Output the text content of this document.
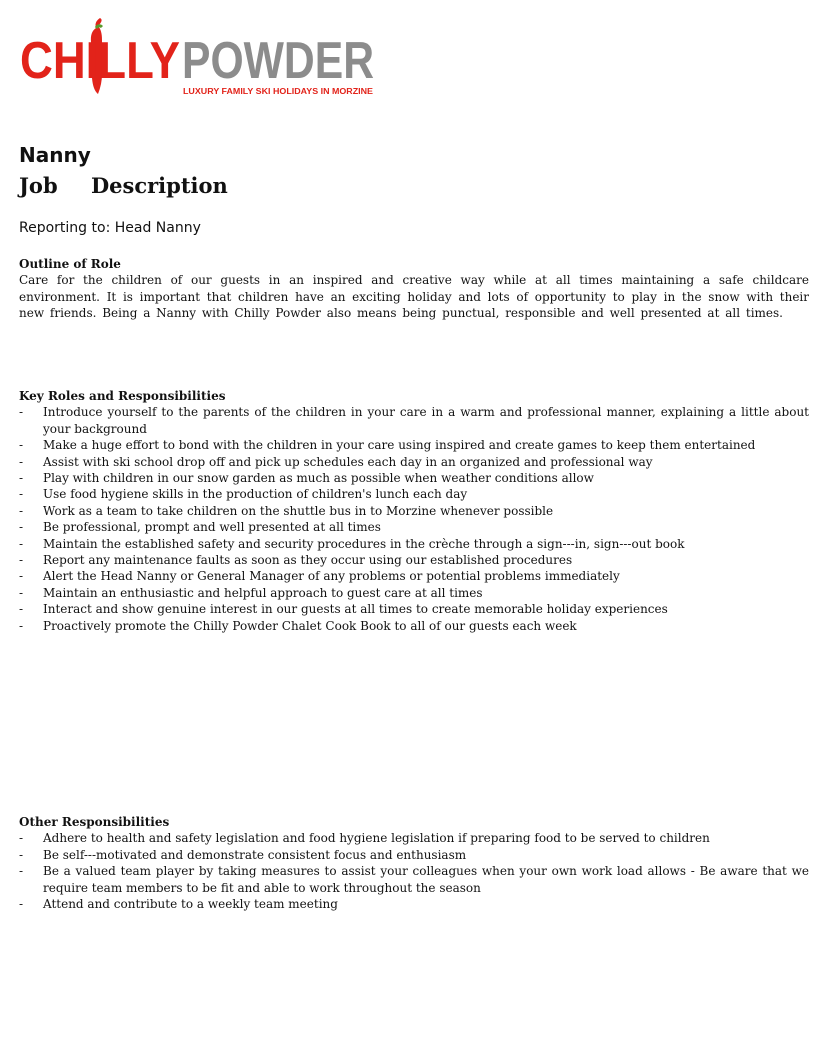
CHILLY POWDER
LUXURY FAMILY SKI HOLIDAYS IN MORZINE
Nanny
Job Description

Reporting to: Head Nanny

Outline of Role

Care for the children of our guests in an inspired and creative way while at all times maintaining a safe childcare environment. It is important that children have an exciting holiday and lots of opportunity to play in the snow with their new friends. Being a Nanny with Chilly Powder also means being punctual, responsible and well presented at all times.

Key Roles and Responsibilities

- Introduce yourself to the parents of the children in your care in a warm and professional manner, explaining a little about your background
- Make a huge effort to bond with the children in your care using inspired and create games to keep them entertained
- Assist with ski school drop off and pick up schedules each day in an organized and professional way
- Play with children in our snow garden as much as possible when weather conditions allow
- Use food hygiene skills in the production of children's lunch each day
- Work as a team to take children on the shuttle bus in to Morzine whenever possible
- Be professional, prompt and well presented at all times
- Maintain the established safety and security procedures in the crèche through a sign---in, sign---out book
- Report any maintenance faults as soon as they occur using our established procedures
- Alert the Head Nanny or General Manager of any problems or potential problems immediately
- Maintain an enthusiastic and helpful approach to guest care at all times
- Interact and show genuine interest in our guests at all times to create memorable holiday experiences
- Proactively promote the Chilly Powder Chalet Cook Book to all of our guests each week

Other Responsibilities

- Adhere to health and safety legislation and food hygiene legislation if preparing food to be served to children
- Be self---motivated and demonstrate consistent focus and enthusiasm
- Be a valued team player by taking measures to assist your colleagues when your own work load allows - Be aware that we require team members to be fit and able to work throughout the season
- Attend and contribute to a weekly team meeting
